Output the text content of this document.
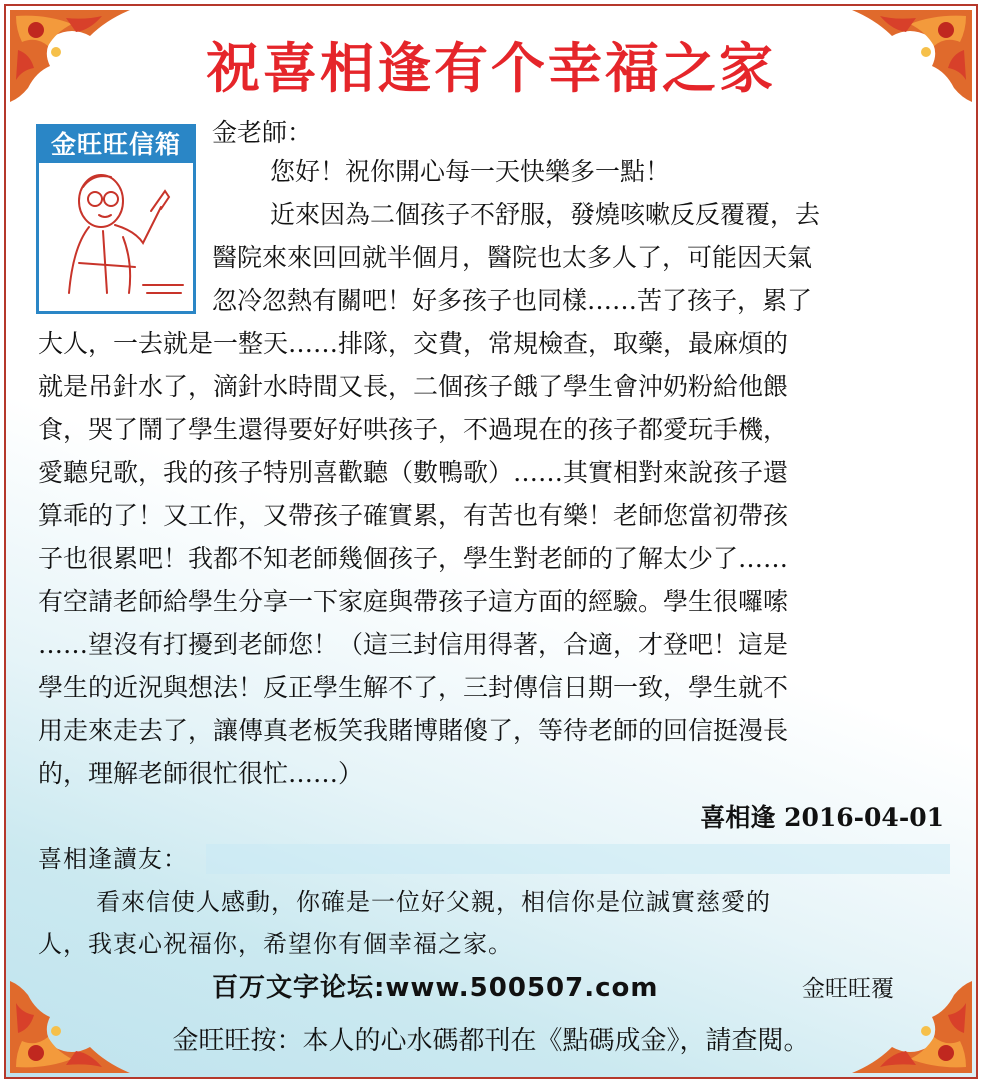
祝喜相逢有个幸福之家
金旺旺信箱	金老師：
您好！祝你開心每一天快樂多一點！
近來因為二個孩子不舒服，發燒咳嗽反反覆覆，去
醫院來來回回就半個月，醫院也太多人了，可能因天氣
忽冷忽熱有關吧！好多孩子也同樣……苦了孩子，累了
大人，一去就是一整天……排隊，交費，常規檢查，取藥，最麻煩的
就是吊針水了，滴針水時間又長，二個孩子餓了學生會沖奶粉給他餵
食，哭了鬧了學生還得要好好哄孩子，不過現在的孩子都愛玩手機，
愛聽兒歌，我的孩子特別喜歡聽（數鴨歌）……其實相對來說孩子還
算乖的了！又工作，又帶孩子確實累，有苦也有樂！老師您當初帶孩
子也很累吧！我都不知老師幾個孩子，學生對老師的了解太少了……
有空請老師給學生分享一下家庭與帶孩子這方面的經驗。學生很囉嗦
……望沒有打擾到老師您！（這三封信用得著，合適，才登吧！這是
學生的近況與想法！反正學生解不了，三封傳信日期一致，學生就不
用走來走去了，讓傳真老板笑我賭博賭傻了，等待老師的回信挺漫長
的，理解老師很忙很忙……）
喜相逢 2016-04-01
喜相逢讀友：
看來信使人感動，你確是一位好父親，相信你是位誠實慈愛的
人，我衷心祝福你，希望你有個幸福之家。
百万文字论坛:www.500507.com	金旺旺覆
金旺旺按：本人的心水碼都刊在《點碼成金》，請查閱。
